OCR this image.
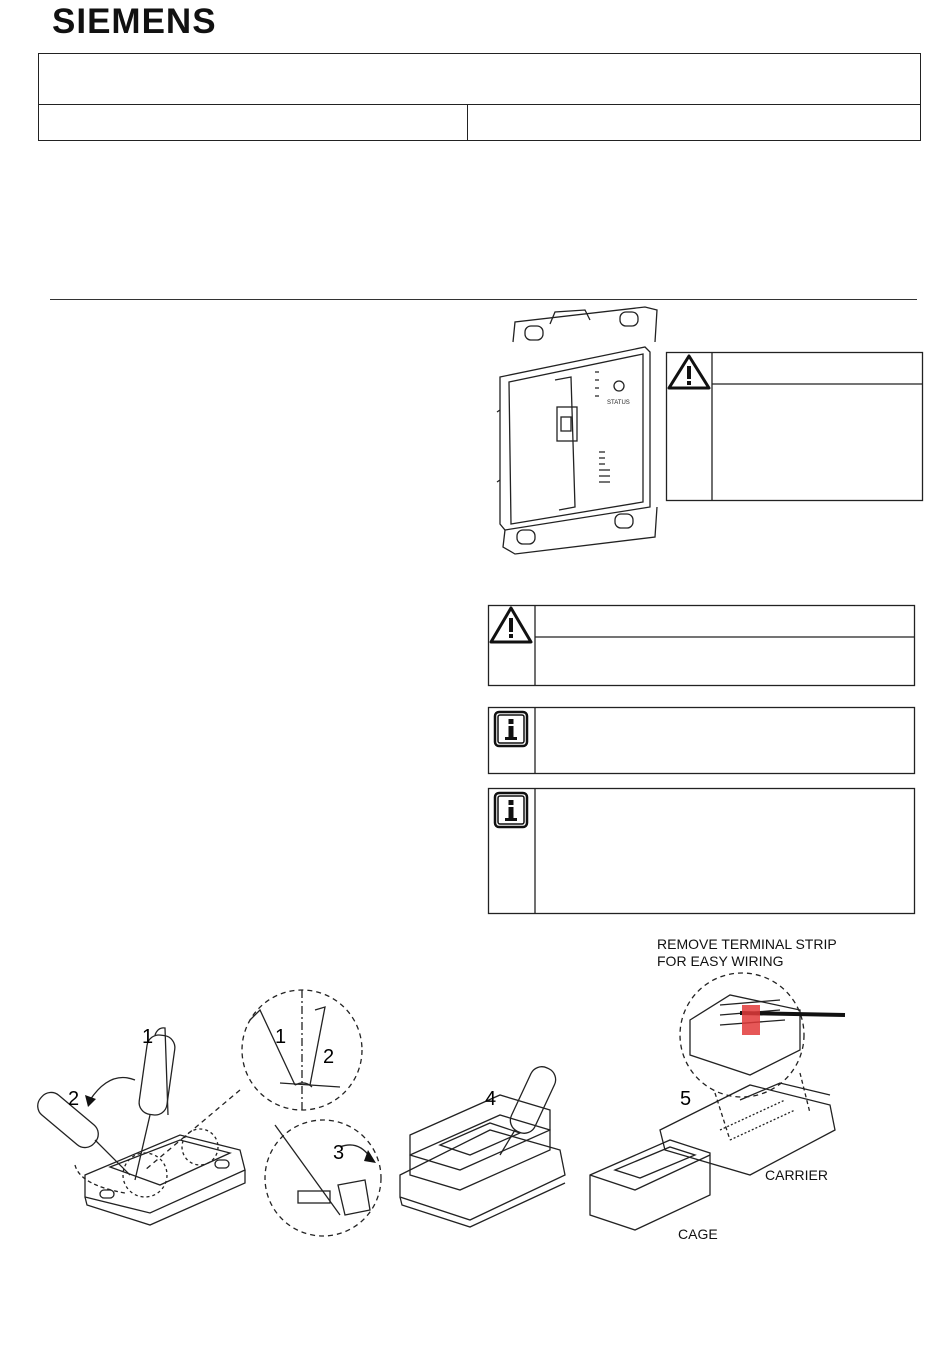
SIEMENS
STATUS
1
2
1
2
3
4	5
REMOVE TERMINAL STRIP
FOR EASY WIRING
CARRIER
CAGE
